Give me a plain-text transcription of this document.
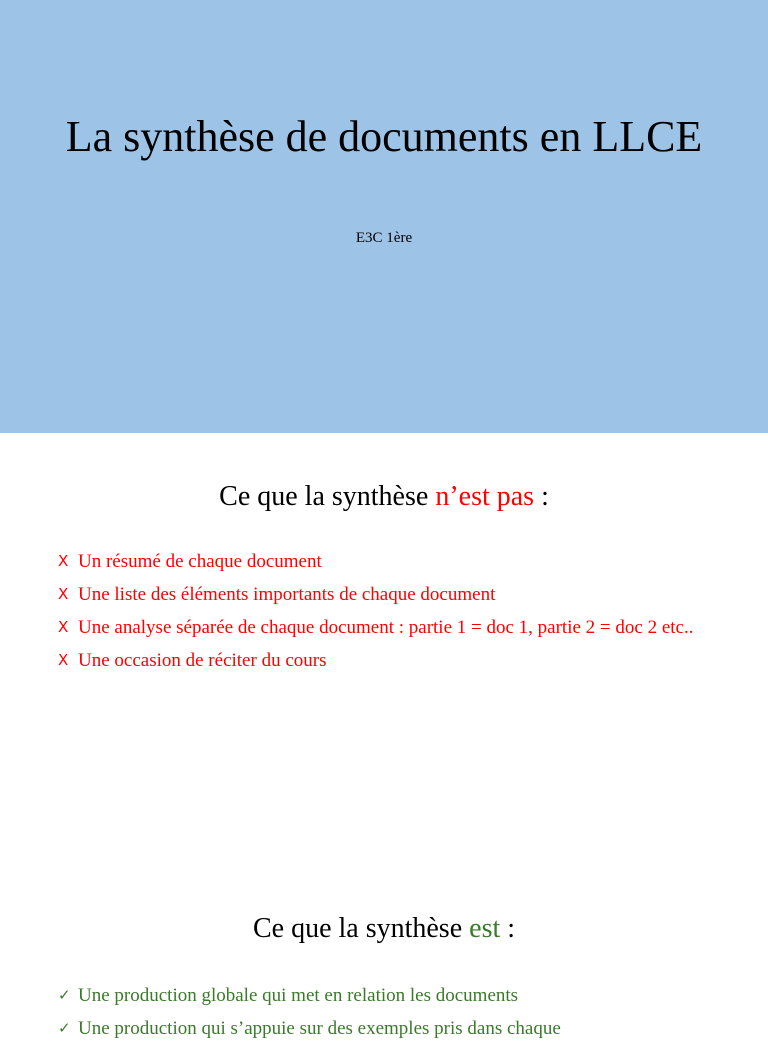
La synthèse de documents en LLCE
E3C 1ère
Ce que la synthèse n’est pas :
X Un résumé de chaque document
X Une liste des éléments importants de chaque document
X Une analyse séparée de chaque document : partie 1 = doc 1, partie 2 = doc 2 etc..
X Une occasion de réciter du cours
Ce que la synthèse est :
✓ Une production globale qui met en relation les documents
✓ Une production qui s’appuie sur des exemples pris dans chaque
